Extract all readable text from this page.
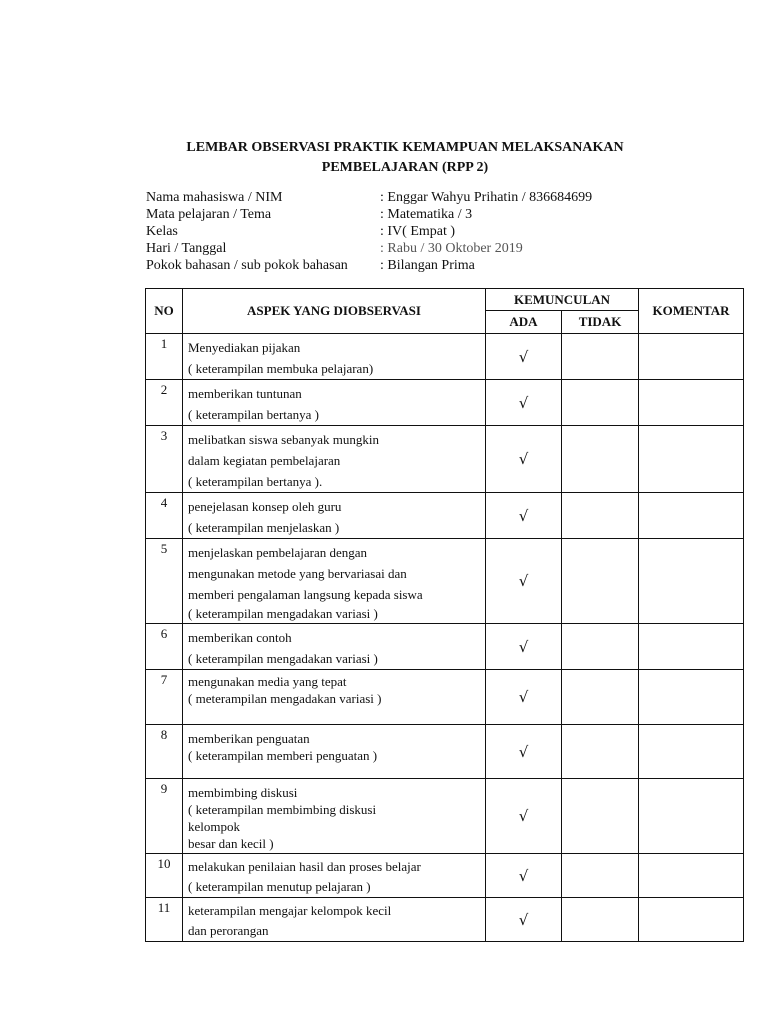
LEMBAR OBSERVASI PRAKTIK KEMAMPUAN MELAKSANAKAN
PEMBELAJARAN (RPP 2)
Nama mahasiswa / NIM	: Enggar Wahyu Prihatin / 836684699
Mata pelajaran / Tema	: Matematika / 3
Kelas	: IV( Empat )
Hari / Tanggal	: Rabu / 30 Oktober 2019
Pokok bahasan / sub pokok bahasan : Bilangan Prima
NO	ASPEK YANG DIOBSERVASI	KEMUNCULAN		KOMENTAR
		ADA	TIDAK	
1	Menyediakan pijakan
( keterampilan membuka pelajaran)	√		
2	memberikan tuntunan
( keterampilan bertanya )	√		
3	melibatkan siswa sebanyak mungkin
dalam kegiatan pembelajaran
( keterampilan bertanya ).	√		
4	penejelasan konsep oleh guru
( keterampilan menjelaskan )	√		
5	menjelaskan pembelajaran dengan
mengunakan metode yang bervariasai dan
memberi pengalaman langsung kepada siswa
( keterampilan mengadakan variasi )	√		
6	memberikan contoh
( keterampilan mengadakan variasi )	√		
7	mengunakan media yang tepat
( meterampilan mengadakan variasi )	√		
8	memberikan penguatan
( keterampilan memberi penguatan )	√		
9	membimbing diskusi
( keterampilan membimbing diskusi
kelompok
besar dan kecil )	√		
10	melakukan penilaian hasil dan proses belajar
( keterampilan menutup pelajaran )	√		
11	keterampilan mengajar kelompok kecil
dan perorangan	√		
